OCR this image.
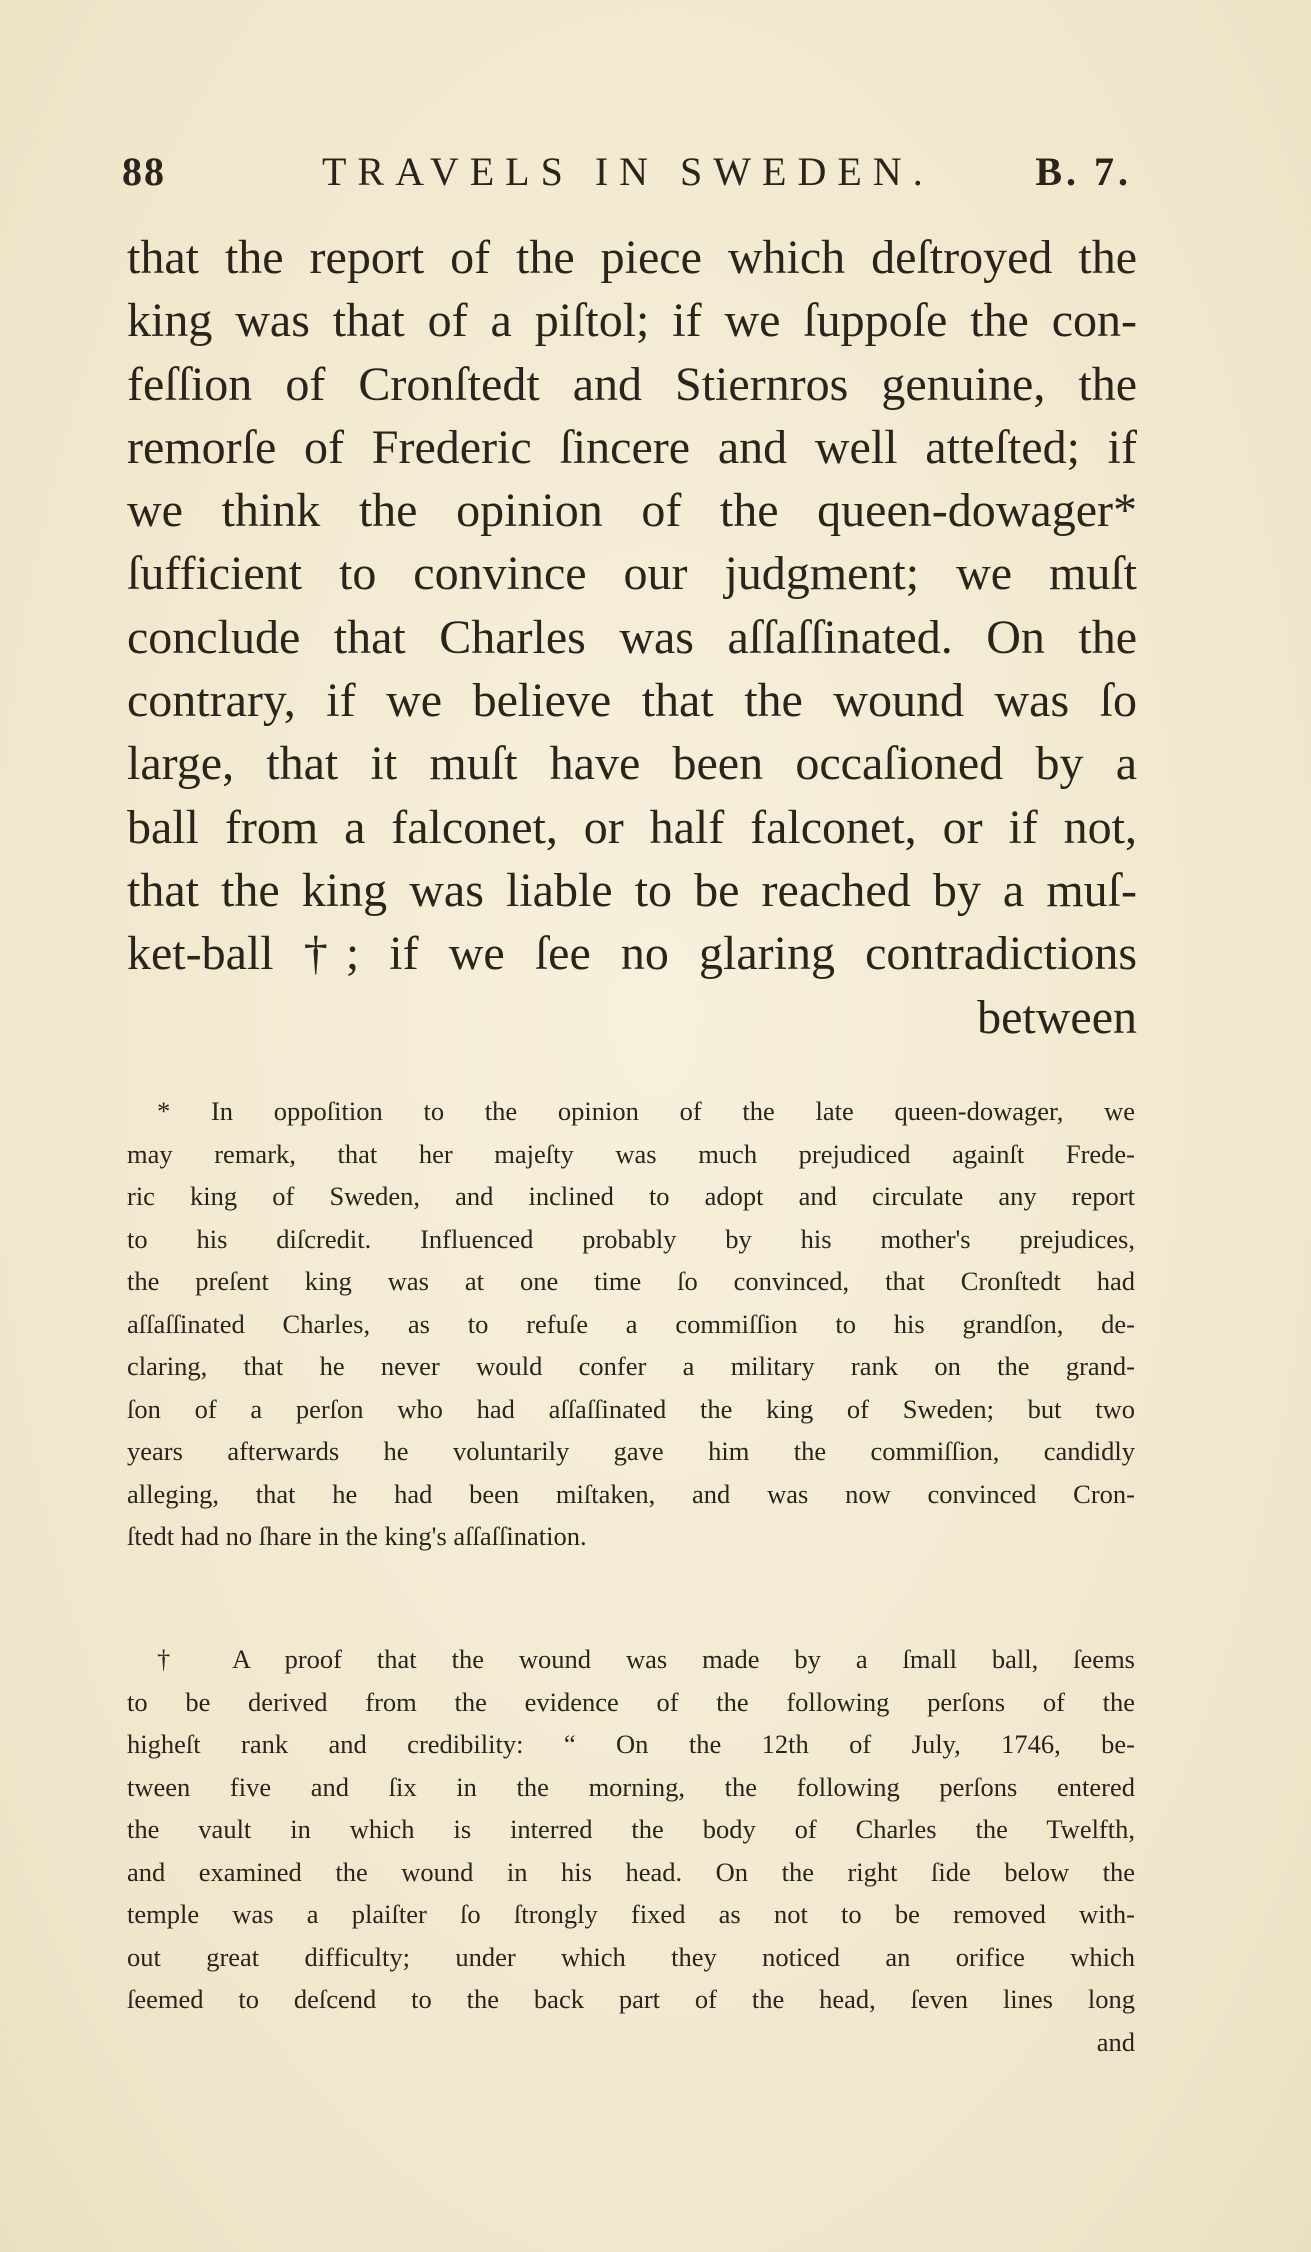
88	TRAVELS IN SWEDEN.	B. 7.
that the report of the piece which deſtroyed the
king was that of a piſtol; if we ſuppoſe the con-
feſſion of Cronſtedt and Stiernros genuine, the
remorſe of Frederic ſincere and well atteſted; if
we think the opinion of the queen-dowager*
ſufficient to convince our judgment; we muſt
conclude that Charles was aſſaſſinated. On the
contrary, if we believe that the wound was ſo
large, that it muſt have been occaſioned by a
ball from a falconet, or half falconet, or if not,
that the king was liable to be reached by a muſ-
ket-ball †; if we ſee no glaring contradictions
between
* In oppoſition to the opinion of the late queen-dowager, we
may remark, that her majeſty was much prejudiced againſt Frede-
ric king of Sweden, and inclined to adopt and circulate any report
to his diſcredit. Influenced probably by his mother's prejudices,
the preſent king was at one time ſo convinced, that Cronſtedt had
aſſaſſinated Charles, as to refuſe a commiſſion to his grandſon, de-
claring, that he never would confer a military rank on the grand-
ſon of a perſon who had aſſaſſinated the king of Sweden; but two
years afterwards he voluntarily gave him the commiſſion, candidly
alleging, that he had been miſtaken, and was now convinced Cron-
ſtedt had no ſhare in the king's aſſaſſination.
† A proof that the wound was made by a ſmall ball, ſeems
to be derived from the evidence of the following perſons of the
higheſt rank and credibility: “ On the 12th of July, 1746, be-
tween five and ſix in the morning, the following perſons entered
the vault in which is interred the body of Charles the Twelfth,
and examined the wound in his head. On the right ſide below the
temple was a plaiſter ſo ſtrongly fixed as not to be removed with-
out great difficulty; under which they noticed an orifice which
ſeemed to deſcend to the back part of the head, ſeven lines long
and
